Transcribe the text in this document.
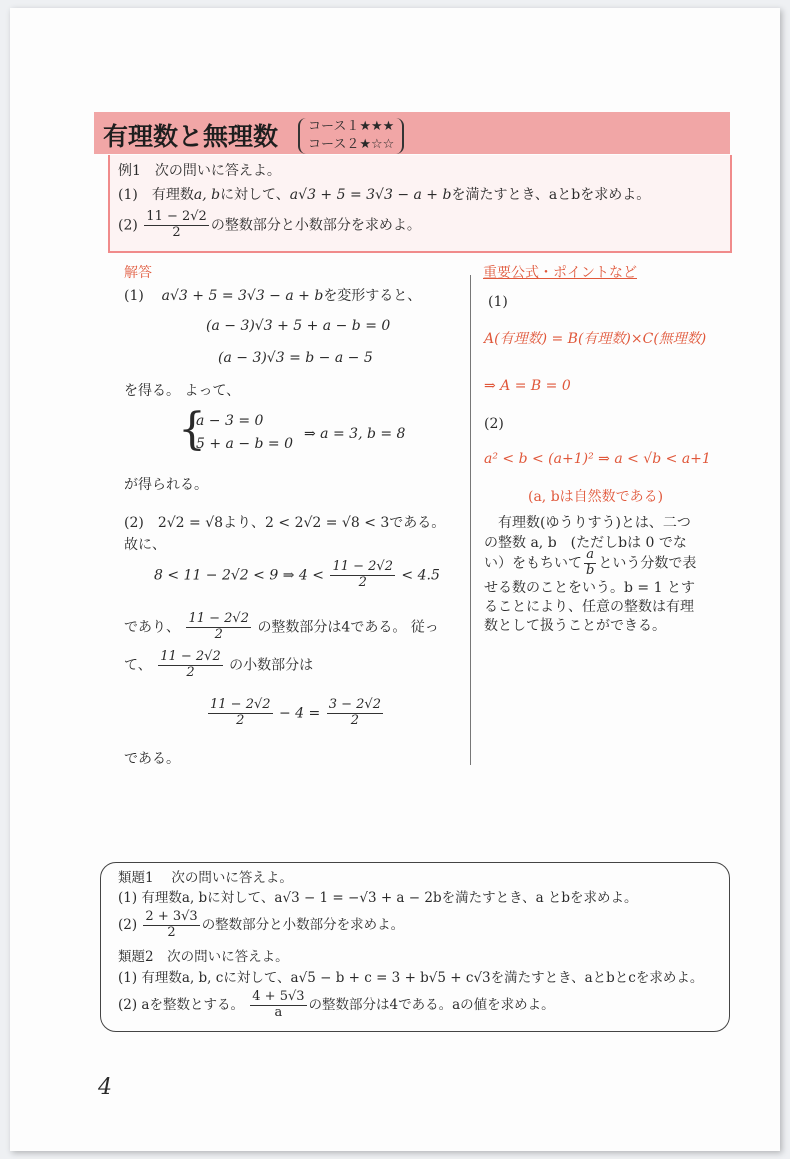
有理数と無理数 コース１★★★
コース２★☆☆
例1　次の問いに答えよ。
(1)　有理数a, bに対して、a√3 + 5 = 3√3 − a + bを満たすとき、aとbを求めよ。
$(2) \frac{11 - 2√2}{2}$ の整数部分と小数部分を求めよ。
解答
(1) a√3 + 5 = 3√3 − a + bを変形すると、
(a − 3)√3 + 5 + a − b = 0
(a − 3)√3 = b − a − 5
を得る。 よって、
{
a − 3 = 0
5 + a − b = 0
⇒ a = 3, b = 8
が得られる。
(2)　2√2 = √8より、2 < 2√2 = √8 < 3である。
故に、
8 < 11 − 2√2 < 9 ⇒ $4 < \frac{11 - 2√2}{2} < 4.5$
であり、 $\frac{11 - 2√2}{2}$ の整数部分は4である。 従っ
て、 $\frac{11 - 2√2}{2}$ の小数部分は
$\frac{11 - 2√2}{2} - 4 = \frac{3 - 2√2}{2}$
である。
重要公式・ポイントなど
(1)
A(有理数) = B(有理数)×C(無理数)
⇒ A = B = 0
(2)
a² < b < (a+1)² ⇒ a < √b < a+1
(a, bは自然数である)
有理数(ゆうりすう)とは、二つ
の整数 a, b　(ただしbは 0 でな
い）をもちいて $\frac{a}{b}$ という分数で表
せる数のことをいう。b = 1 とす
ることにより、任意の整数は有理
数として扱うことができる。
類題1　 次の問いに答えよ。
(1) 有理数a, bに対して、a√3 − 1 = −√3 + a − 2bを満たすとき、a とbを求めよ。
$(2) \frac{2 + 3√3}{2}$ の整数部分と小数部分を求めよ。
類題2　次の問いに答えよ。
(1) 有理数a, b, cに対して、a√5 − b + c = 3 + b√5 + c√3を満たすとき、aとbとcを求めよ。
(2) aを整数とする。 $\frac{4 + 5√3}{a}$ の整数部分は4である。aの値を求めよ。
4
